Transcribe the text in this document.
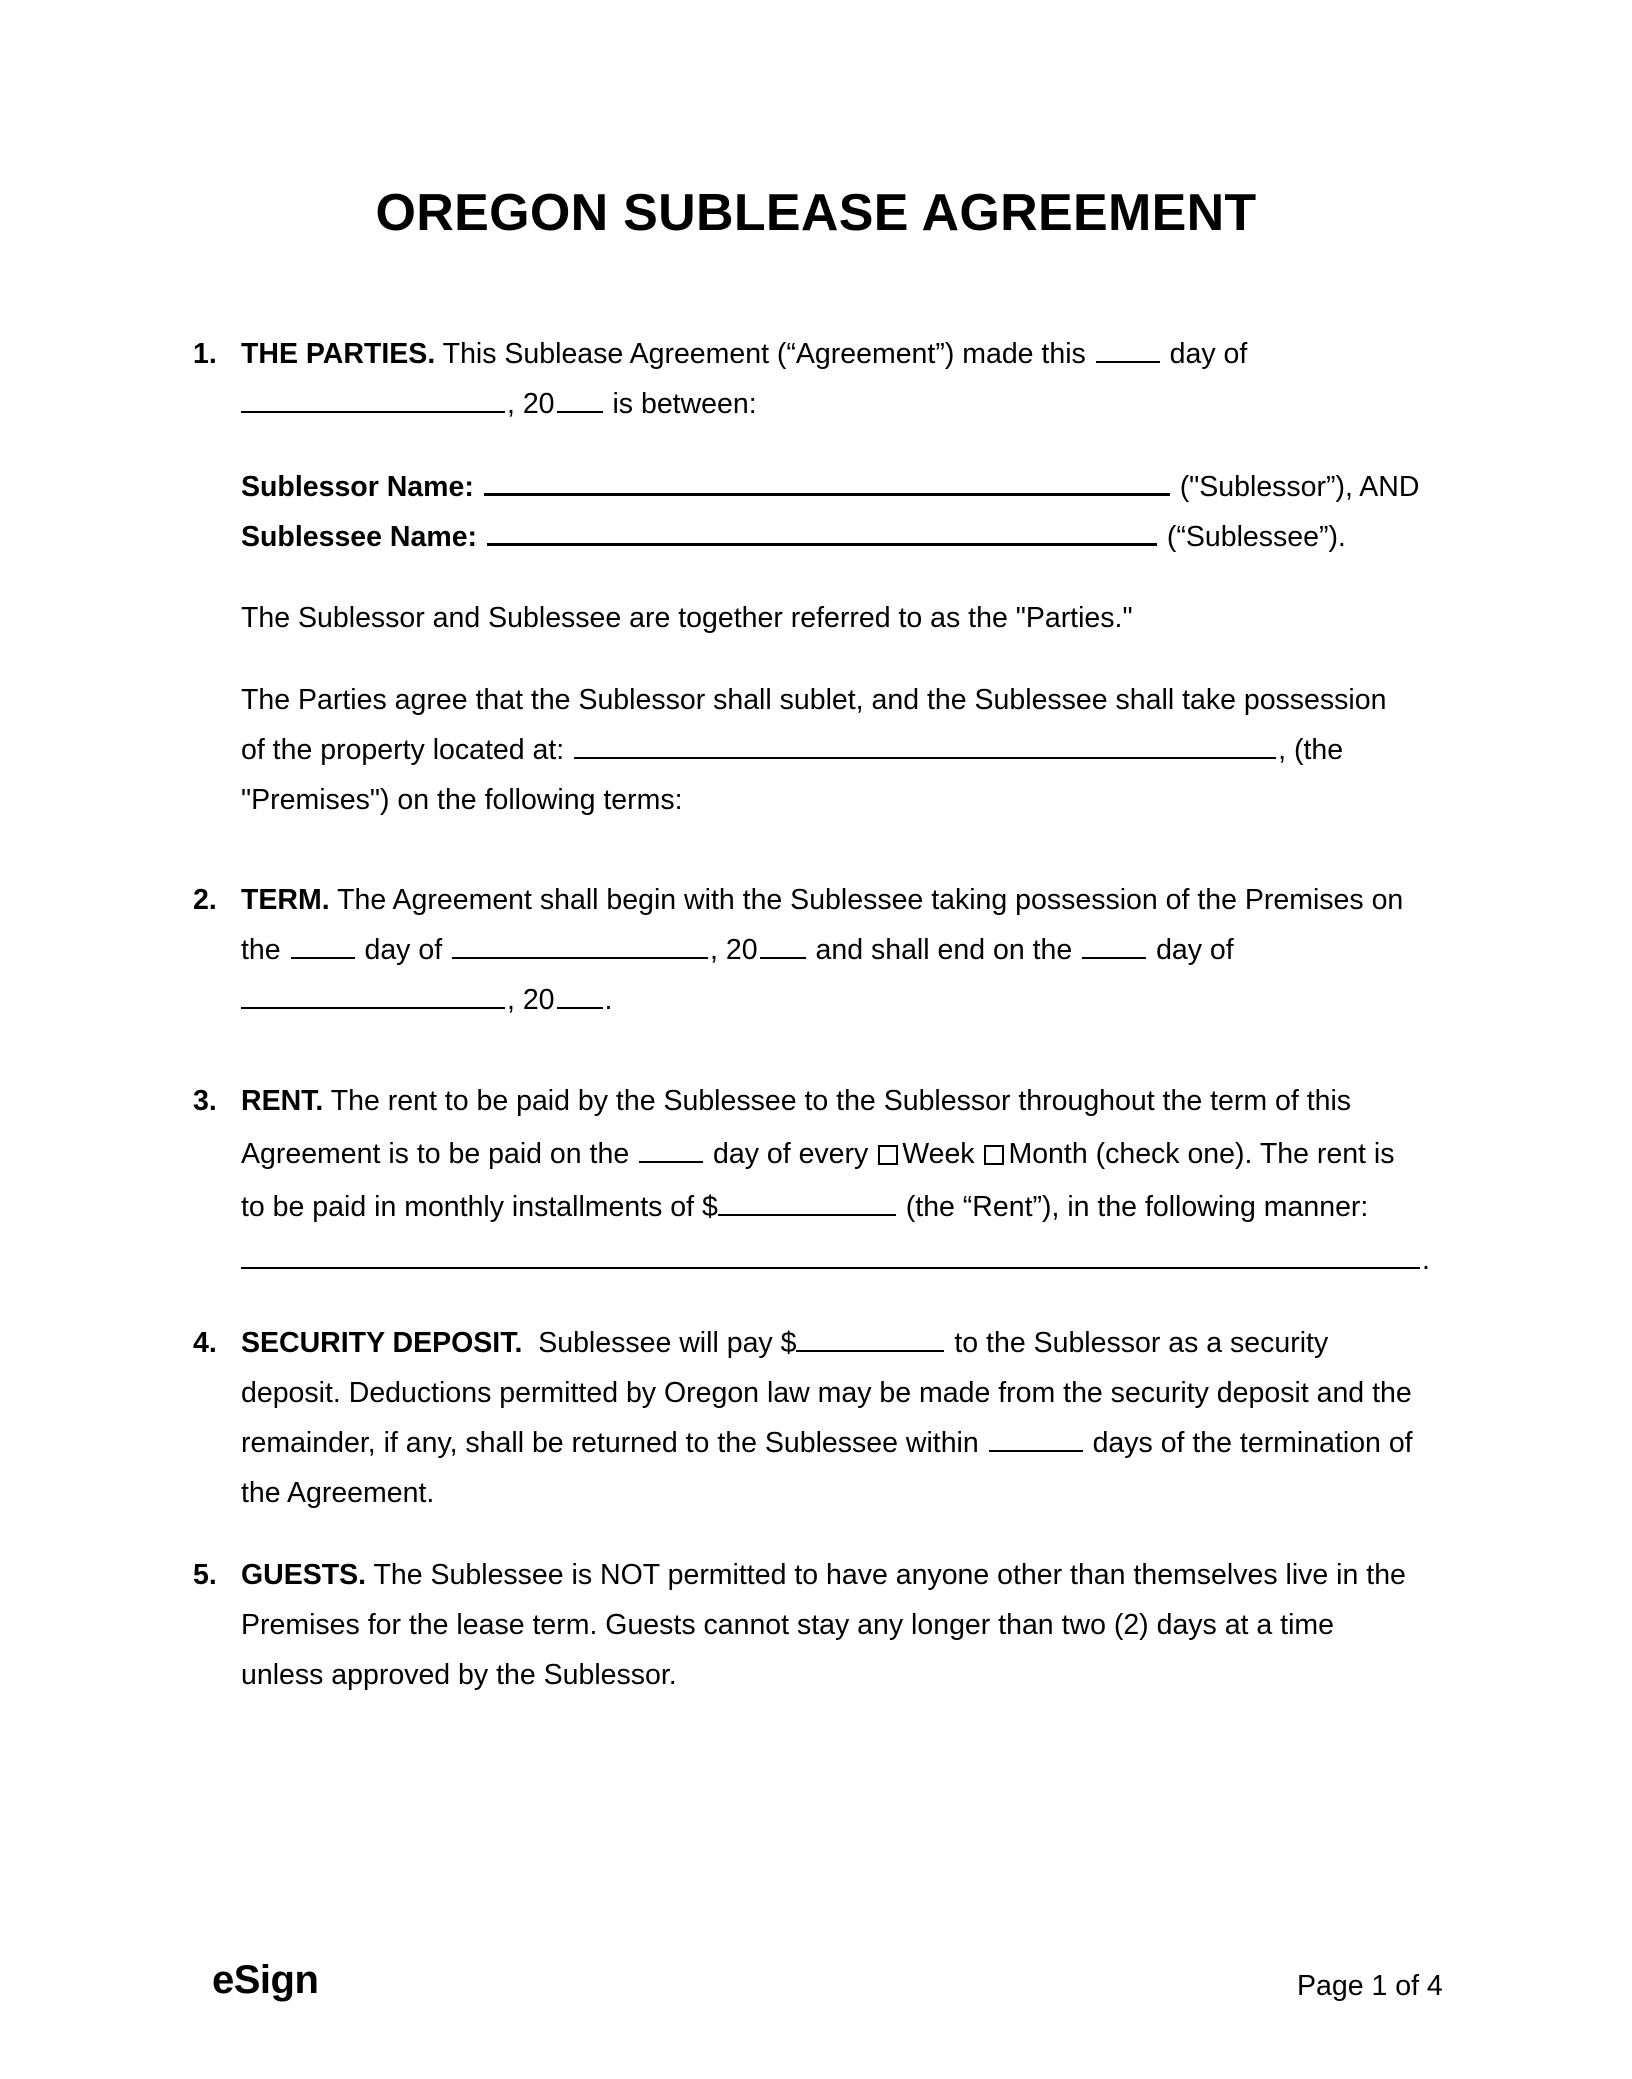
OREGON SUBLEASE AGREEMENT
1. THE PARTIES. This Sublease Agreement (“Agreement”) made this	day of
, 20 is between:
Sublessor Name:	("Sublessor”), AND
Sublessee Name:	(“Sublessee”).
The Sublessor and Sublessee are together referred to as the "Parties."
The Parties agree that the Sublessor shall sublet, and the Sublessee shall take possession
of the property located at:	, (the
"Premises") on the following terms:
2. TERM. The Agreement shall begin with the Sublessee taking possession of the Premises on
the	day of	, 20 and shall end on the	day of
, 20 .
3. RENT. The rent to be paid by the Sublessee to the Sublessor throughout the term of this
Agreement is to be paid on the	day of every Week Month (check one). The rent is
to be paid in monthly installments of $	(the “Rent”), in the following manner:
.
4. SECURITY DEPOSIT. Sublessee will pay $	to the Sublessor as a security
deposit. Deductions permitted by Oregon law may be made from the security deposit and the
remainder, if any, shall be returned to the Sublessee within	days of the termination of
the Agreement.
5. GUESTS. The Sublessee is NOT permitted to have anyone other than themselves live in the
Premises for the lease term. Guests cannot stay any longer than two (2) days at a time
unless approved by the Sublessor.
eSign	Page 1 of 4
